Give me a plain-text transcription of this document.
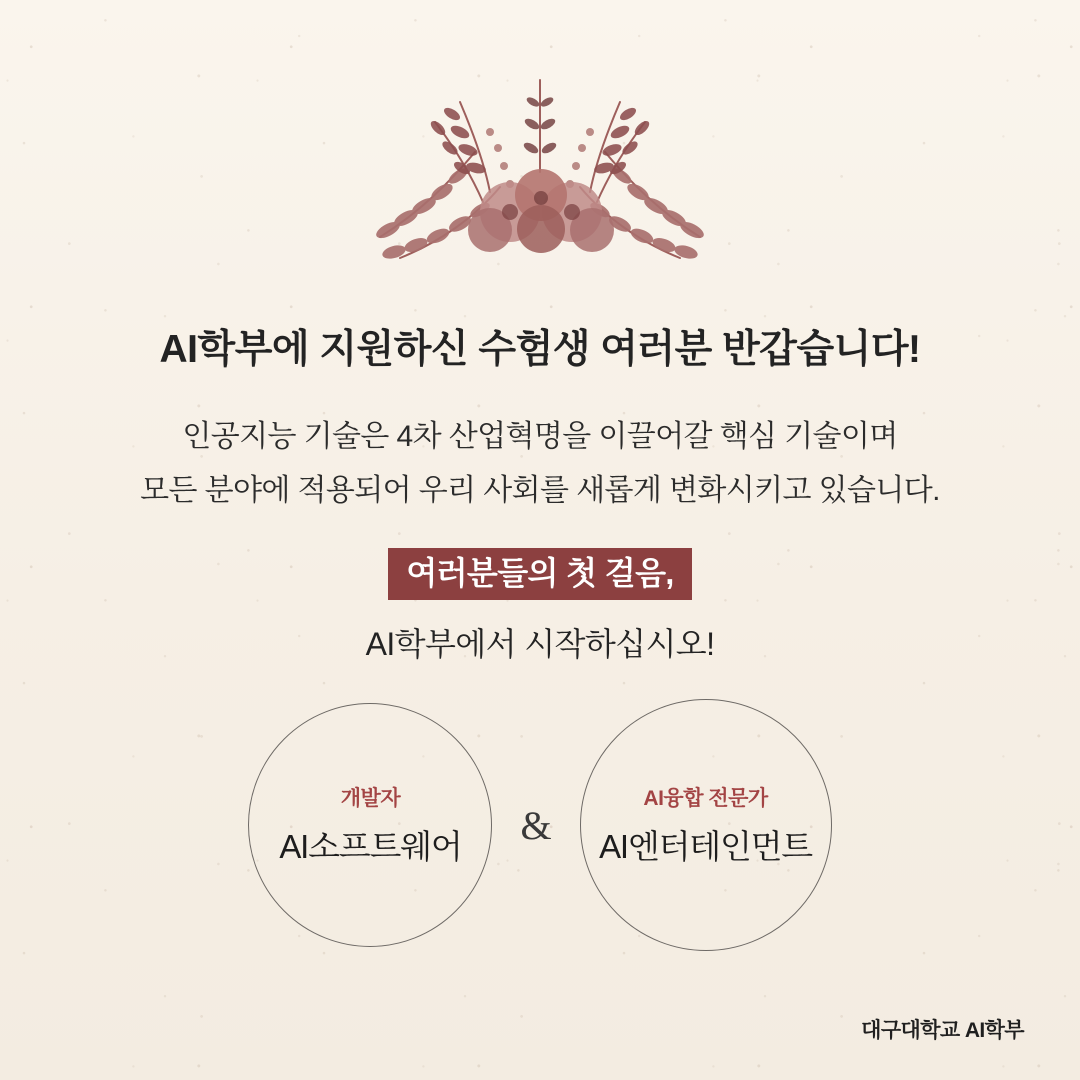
AI학부에 지원하신 수험생 여러분 반갑습니다!
인공지능 기술은 4차 산업혁명을 이끌어갈 핵심 기술이며
모든 분야에 적용되어 우리 사회를 새롭게 변화시키고 있습니다.
여러분들의 첫 걸음,
AI학부에서 시작하십시오!
개발자
AI소프트웨어 &
AI융합 전문가
AI엔터테인먼트
대구대학교 AI학부
